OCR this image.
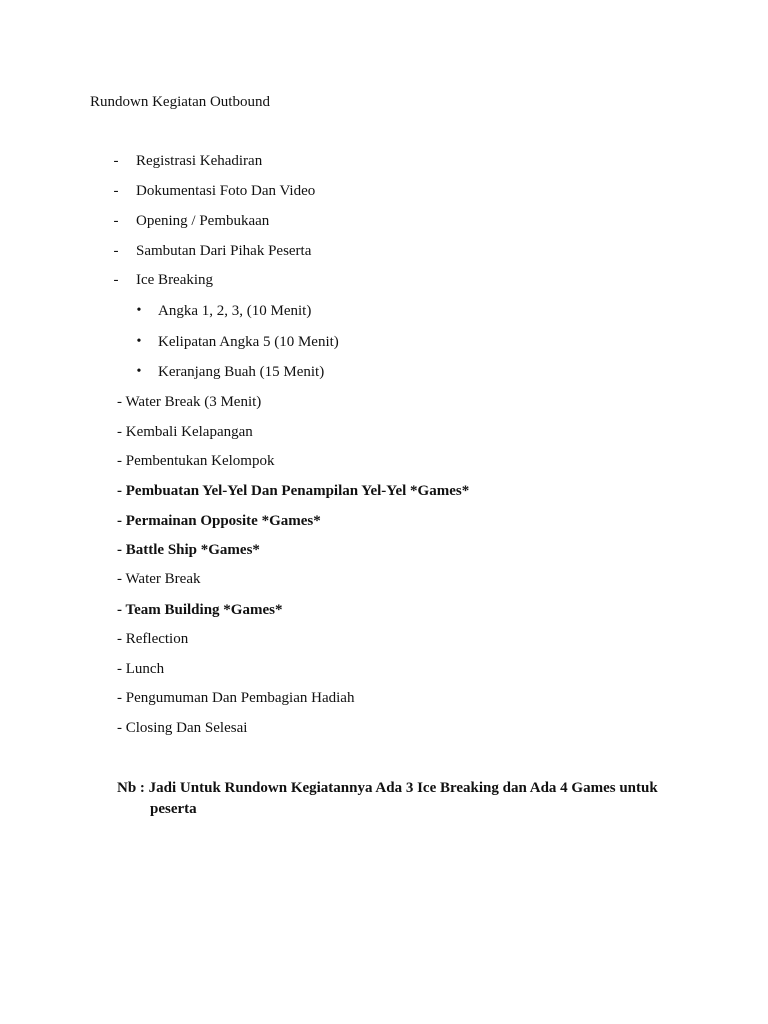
Rundown Kegiatan Outbound
-	Registrasi Kehadiran
-	Dokumentasi Foto Dan Video
-	Opening / Pembukaan
-	Sambutan Dari Pihak Peserta
-	Ice Breaking
• Angka 1, 2, 3, (10 Menit)
• Kelipatan Angka 5 (10 Menit)
• Keranjang Buah (15 Menit)
- Water Break (3 Menit)
- Kembali Kelapangan
- Pembentukan Kelompok
- Pembuatan Yel-Yel Dan Penampilan Yel-Yel *Games*
- Permainan Opposite *Games*
- Battle Ship *Games*
- Water Break
- Team Building *Games*
- Reflection
- Lunch
- Pengumuman Dan Pembagian Hadiah
- Closing Dan Selesai
Nb : Jadi Untuk Rundown Kegiatannya Ada 3 Ice Breaking dan Ada 4 Games untuk
peserta
